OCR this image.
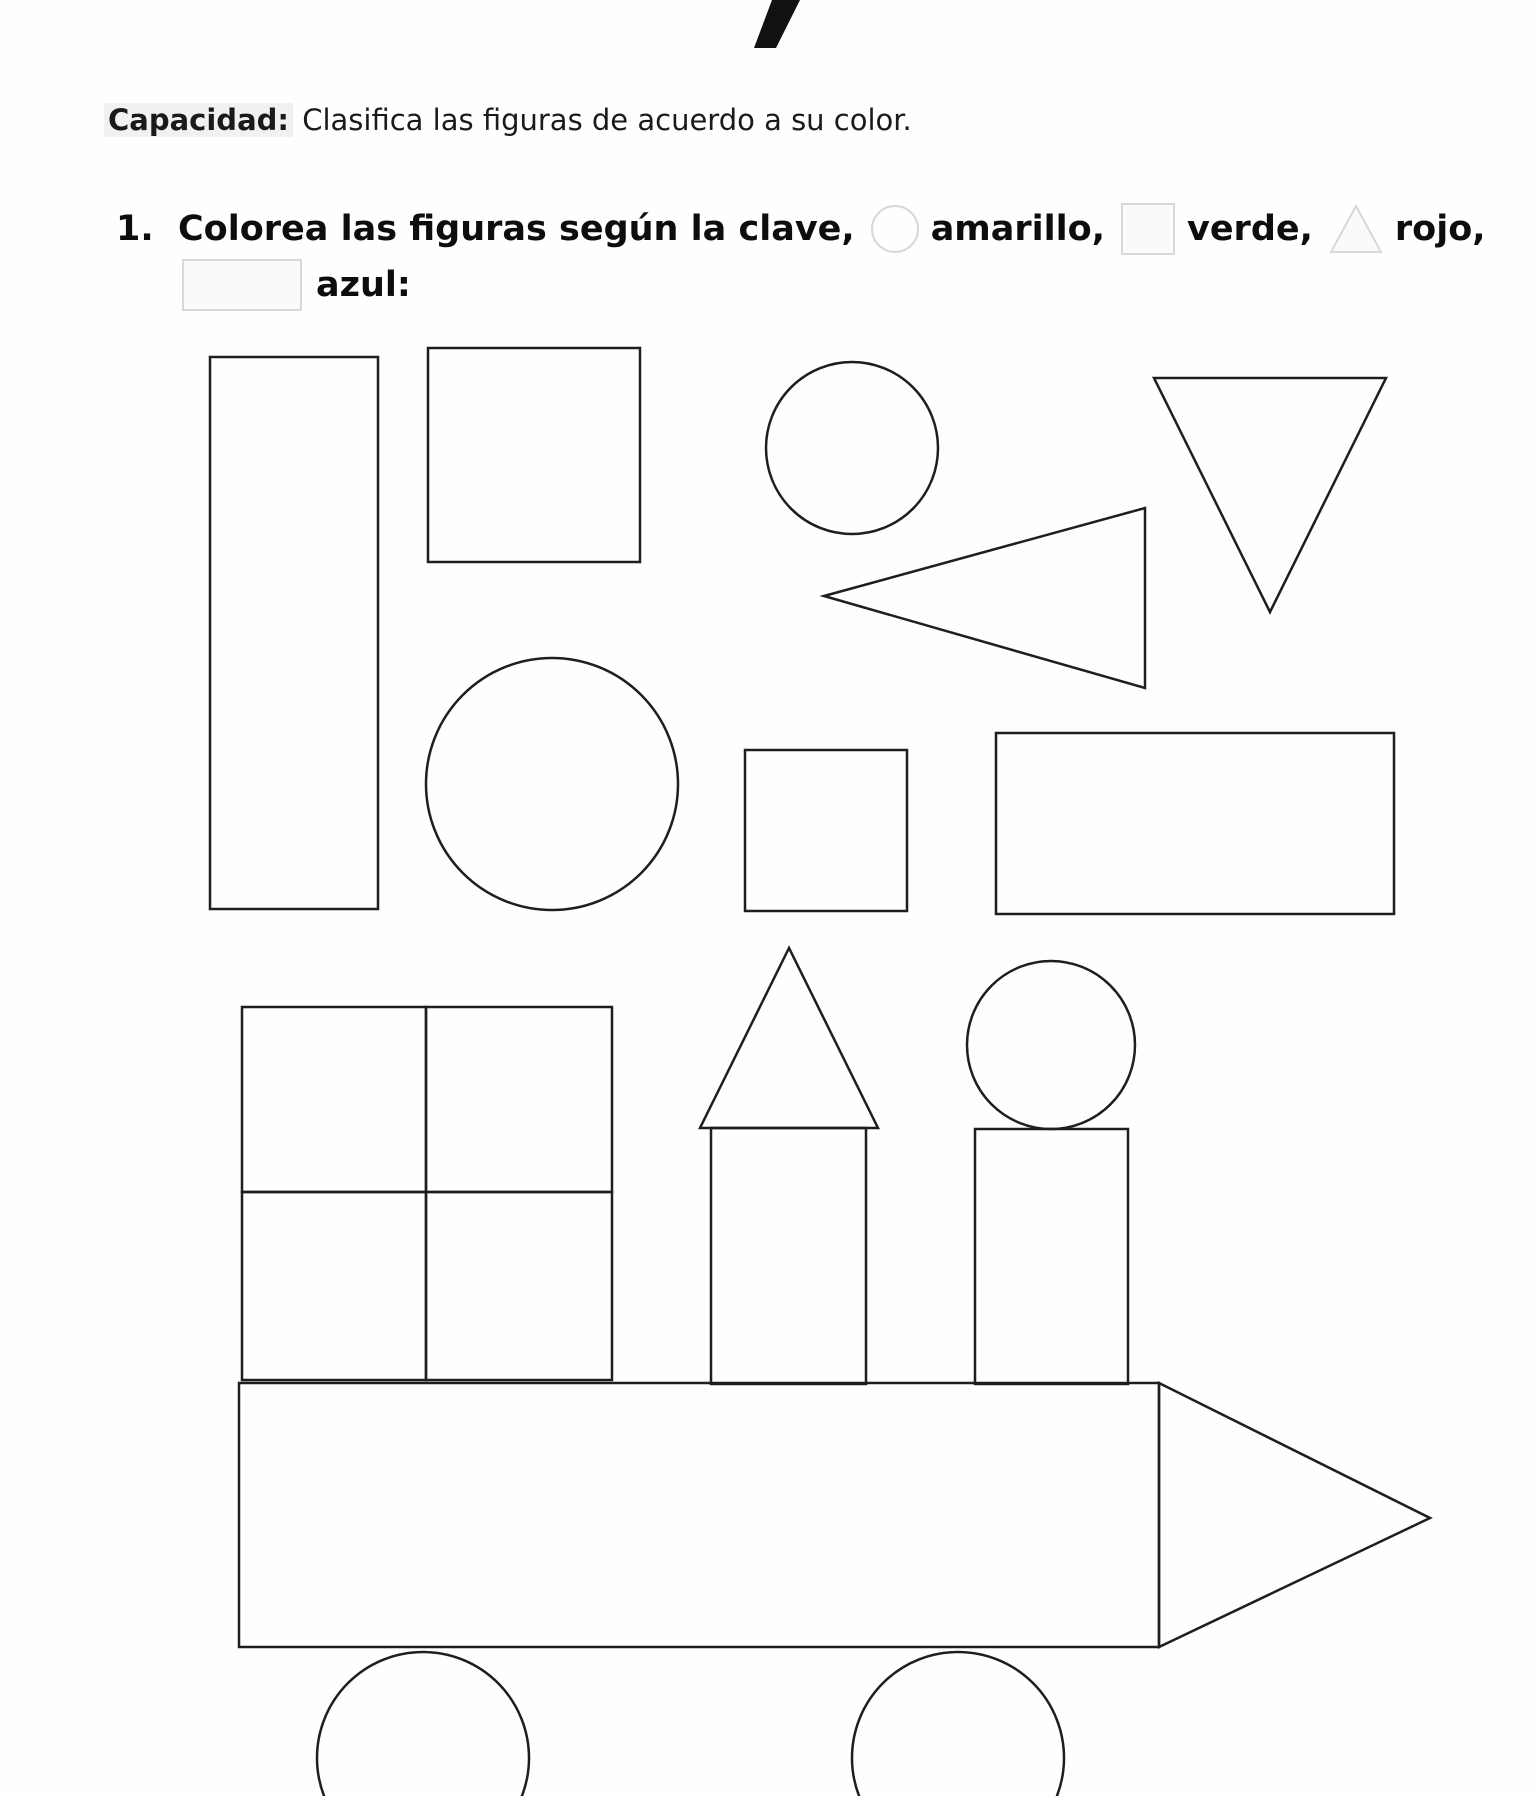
Capacidad: Clasifica las figuras de acuerdo a su color.
1. Colorea las figuras según la clave, amarillo, verde, rojo,
azul:
